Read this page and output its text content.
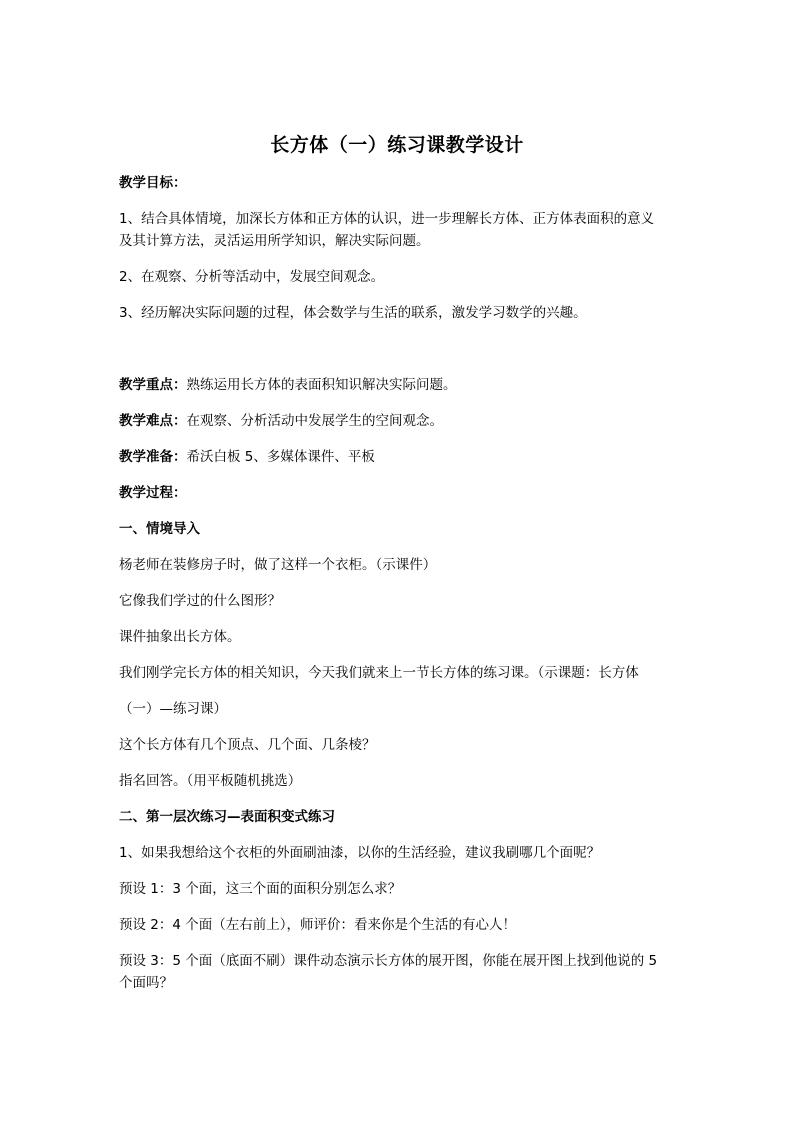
长方体（一）练习课教学设计
教学目标：
1、结合具体情境，加深长方体和正方体的认识，进一步理解长方体、正方体表面积的意义
及其计算方法，灵活运用所学知识，解决实际问题。
2、在观察、分析等活动中，发展空间观念。
3、经历解决实际问题的过程，体会数学与生活的联系，激发学习数学的兴趣。
教学重点：熟练运用长方体的表面积知识解决实际问题。
教学难点：在观察、分析活动中发展学生的空间观念。
教学准备：希沃白板 5、多媒体课件、平板
教学过程：
一、情境导入
杨老师在装修房子时，做了这样一个衣柜。（示课件）
它像我们学过的什么图形？
课件抽象出长方体。
我们刚学完长方体的相关知识，今天我们就来上一节长方体的练习课。（示课题：长方体
（一）—练习课）
这个长方体有几个顶点、几个面、几条棱？
指名回答。（用平板随机挑选）
二、第一层次练习—表面积变式练习
1、如果我想给这个衣柜的外面刷油漆，以你的生活经验，建议我刷哪几个面呢？
预设 1：3 个面，这三个面的面积分别怎么求？
预设 2：4 个面（左右前上），师评价：看来你是个生活的有心人！
预设 3：5 个面（底面不刷）课件动态演示长方体的展开图，你能在展开图上找到他说的 5
个面吗？
